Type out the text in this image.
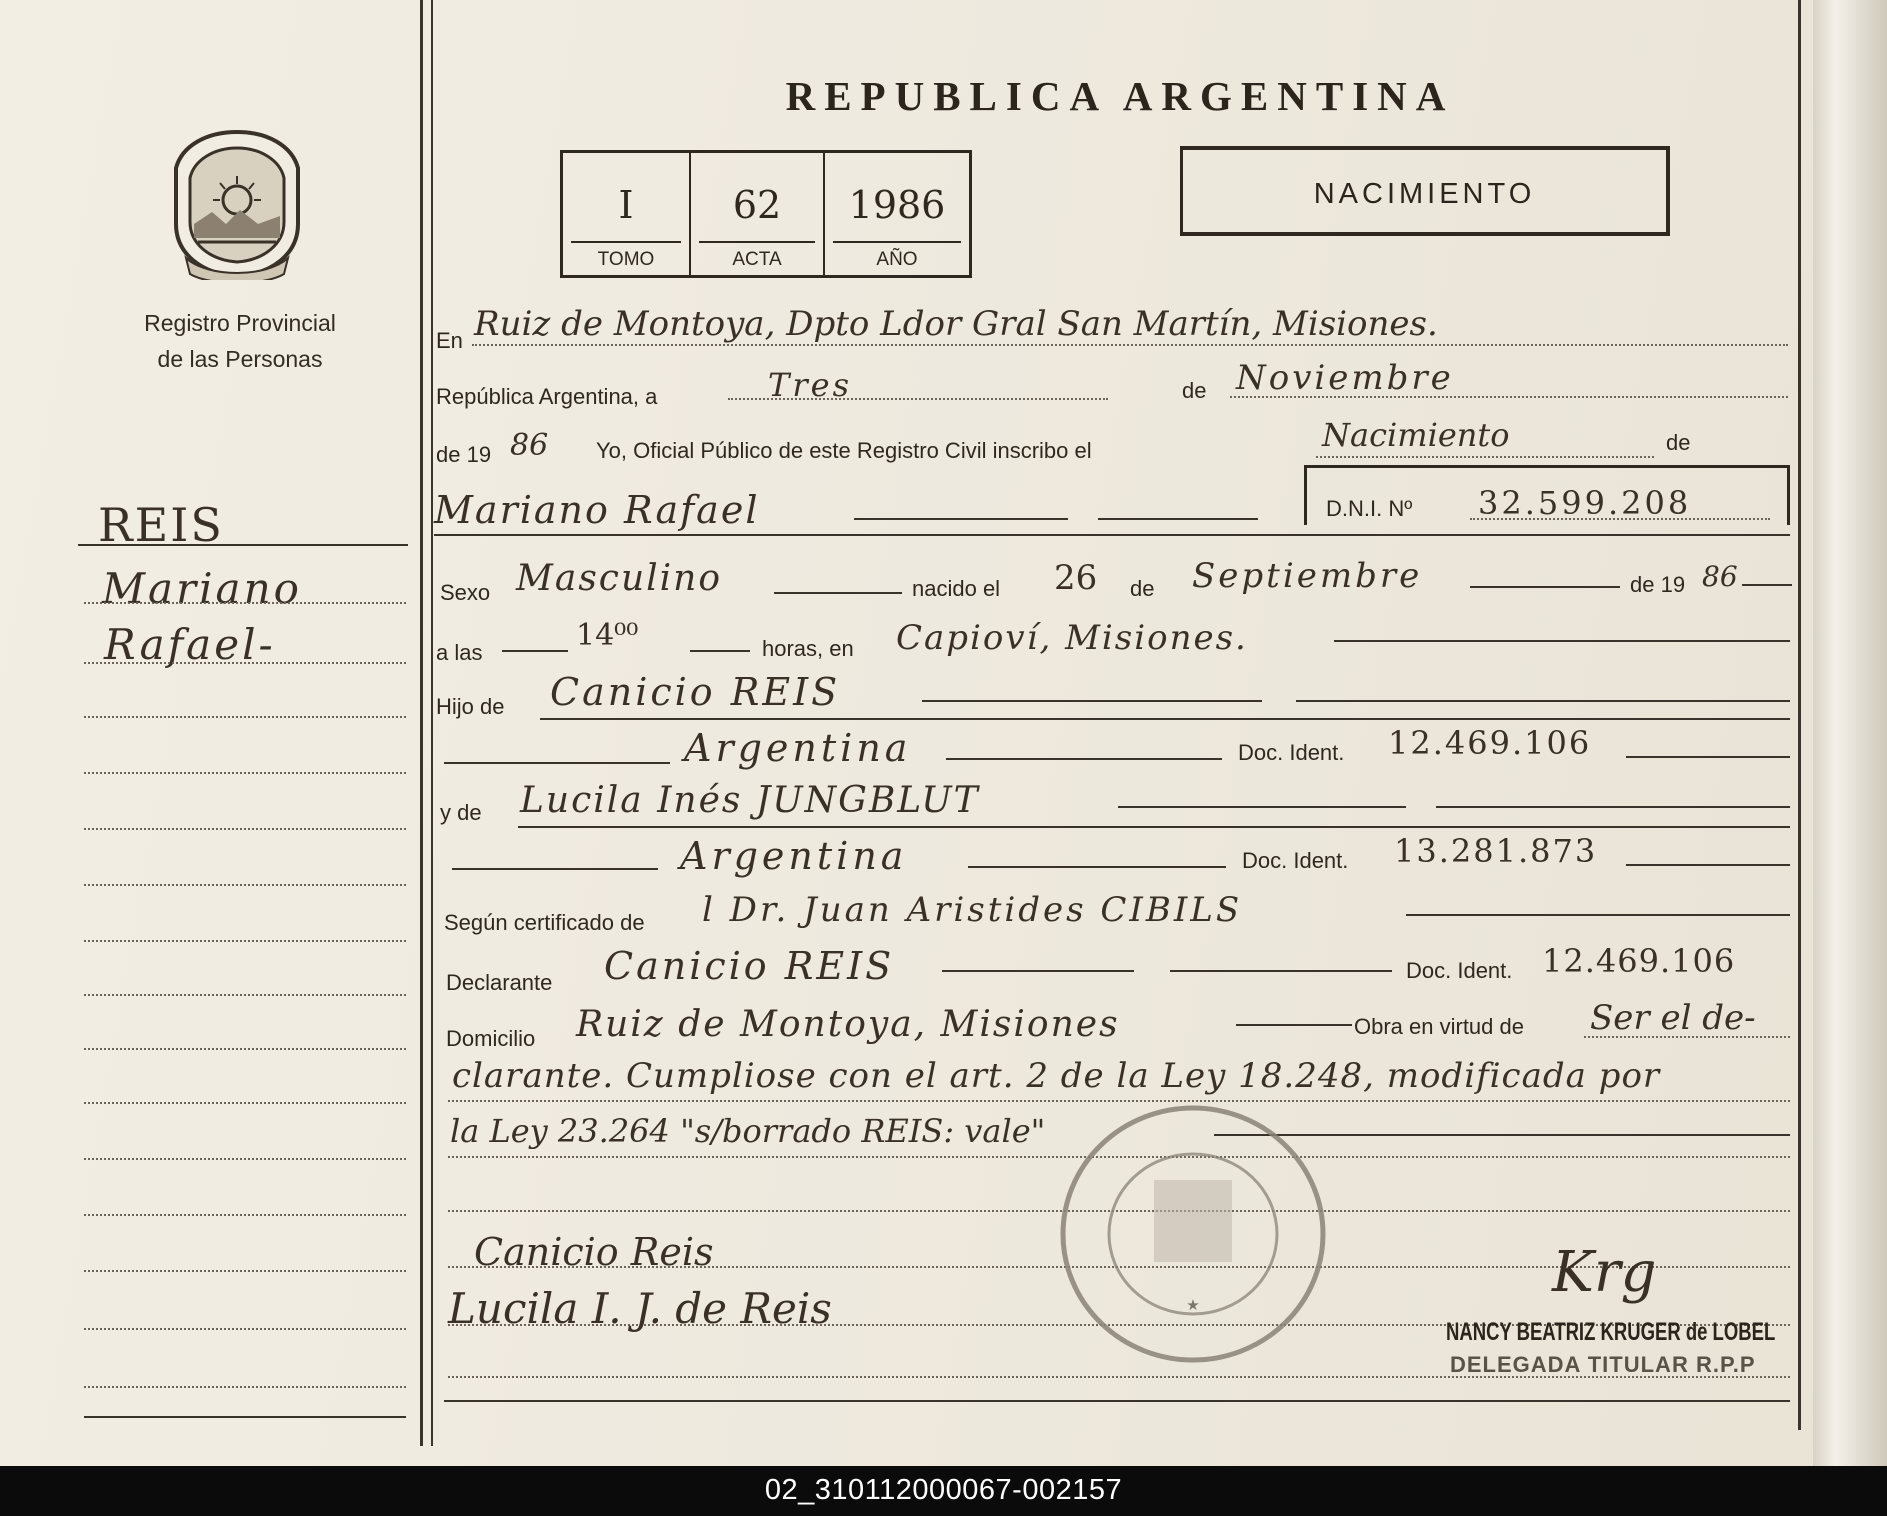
Registro Provincial
de las Personas
REIS
Mariano
Rafael-
REPUBLICA ARGENTINA
I
TOMO
62
ACTA
1986
AÑO
NACIMIENTO
En Ruiz de Montoya, Dpto Ldor Gral San Martín, Misiones.
República Argentina, a	Tres	de Noviembre
de 19 86 Yo, Oficial Público de este Registro Civil inscribo el	Nacimiento	de
Mariano Rafael	D.N.I. Nº 32.599.208
Sexo Masculino	nacido el 26 de Septiembre	de 19 86
a las	14⁰⁰	horas, en Capioví, Misiones.
Hijo de Canicio REIS
Argentina	Doc. Ident. 12.469.106
y de Lucila Inés JUNGBLUT
Argentina	Doc. Ident. 13.281.873
Según certificado de l Dr. Juan Aristides CIBILS
Declarante Canicio REIS	Doc. Ident. 12.469.106
Domicilio Ruiz de Montoya, Misiones	Obra en virtud de Ser el de-
clarante. Cumpliose con el art. 2 de la Ley 18.248, modificada por
la Ley 23.264 "s/borrado REIS: vale"
Canicio Reis
Lucila I. J. de Reis
Krg
NANCY BEATRIZ KRUGER de LOBEL
DELEGADA TITULAR R.P.P
★
02_310112000067-002157
